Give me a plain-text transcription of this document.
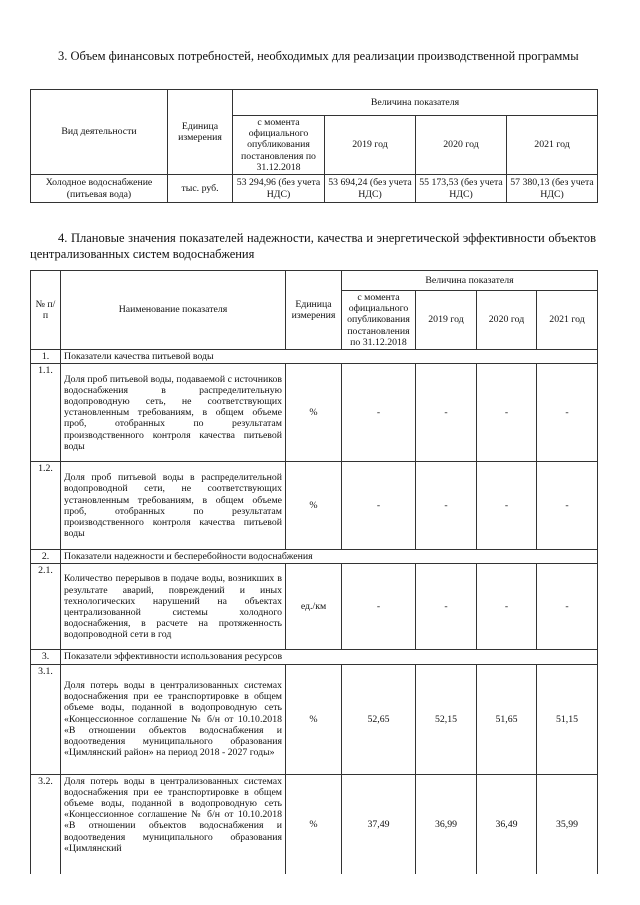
3. Объем финансовых потребностей, необходимых для реализации производственной программы
Вид деятельности	Единица измерения	Величина показателя			
		с момента официального опубликования постановления по 31.12.2018	2019 год	2020 год	2021 год
Холодное водоснабжение (питьевая вода)	тыс. руб.	53 294,96 (без учета НДС)	53 694,24 (без учета НДС)	55 173,53 (без учета НДС)	57 380,13 (без учета НДС)
4. Плановые значения показателей надежности, качества и энергетической эффективности объектов централизованных систем водоснабжения
№ п/п	Наименование показателя	Единица измерения	Величина показателя			
			с момента официального опубликования постановления по 31.12.2018	2019 год	2020 год	2021 год
1.	Показатели качества питьевой воды					
1.1.	Доля проб питьевой воды, подаваемой с источников водоснабжения в распределительную водопроводную сеть, не соответствующих установленным требованиям, в общем объеме проб, отобранных по результатам производственного контроля качества питьевой воды	%	-	-	-	-
1.2.	Доля проб питьевой воды в распределительной водопроводной сети, не соответствующих установленным требованиям, в общем объеме проб, отобранных по результатам производственного контроля качества питьевой воды	%	-	-	-	-
2.	Показатели надежности и бесперебойности водоснабжения					
2.1.	Количество перерывов в подаче воды, возникших в результате аварий, повреждений и иных технологических нарушений на объектах централизованной системы холодного водоснабжения, в расчете на протяженность водопроводной сети в год	ед./км	-	-	-	-
3.	Показатели эффективности использования ресурсов					
3.1.	Доля потерь воды в централизованных системах водоснабжения при ее транспортировке в общем объеме воды, поданной в водопроводную сеть «Концессионное соглашение № б/н от 10.10.2018 «В отношении объектов водоснабжения и водоотведения муниципального образования «Цимлянский район» на период 2018 - 2027 годы»	%	52,65	52,15	51,65	51,15
3.2.	Доля потерь воды в централизованных системах водоснабжения при ее транспортировке в общем объеме воды, поданной в водопроводную сеть «Концессионное соглашение № б/н от 10.10.2018 «В отношении объектов водоснабжения и водоотведения муниципального образования «Цимлянский	%	37,49	36,99	36,49	35,99
